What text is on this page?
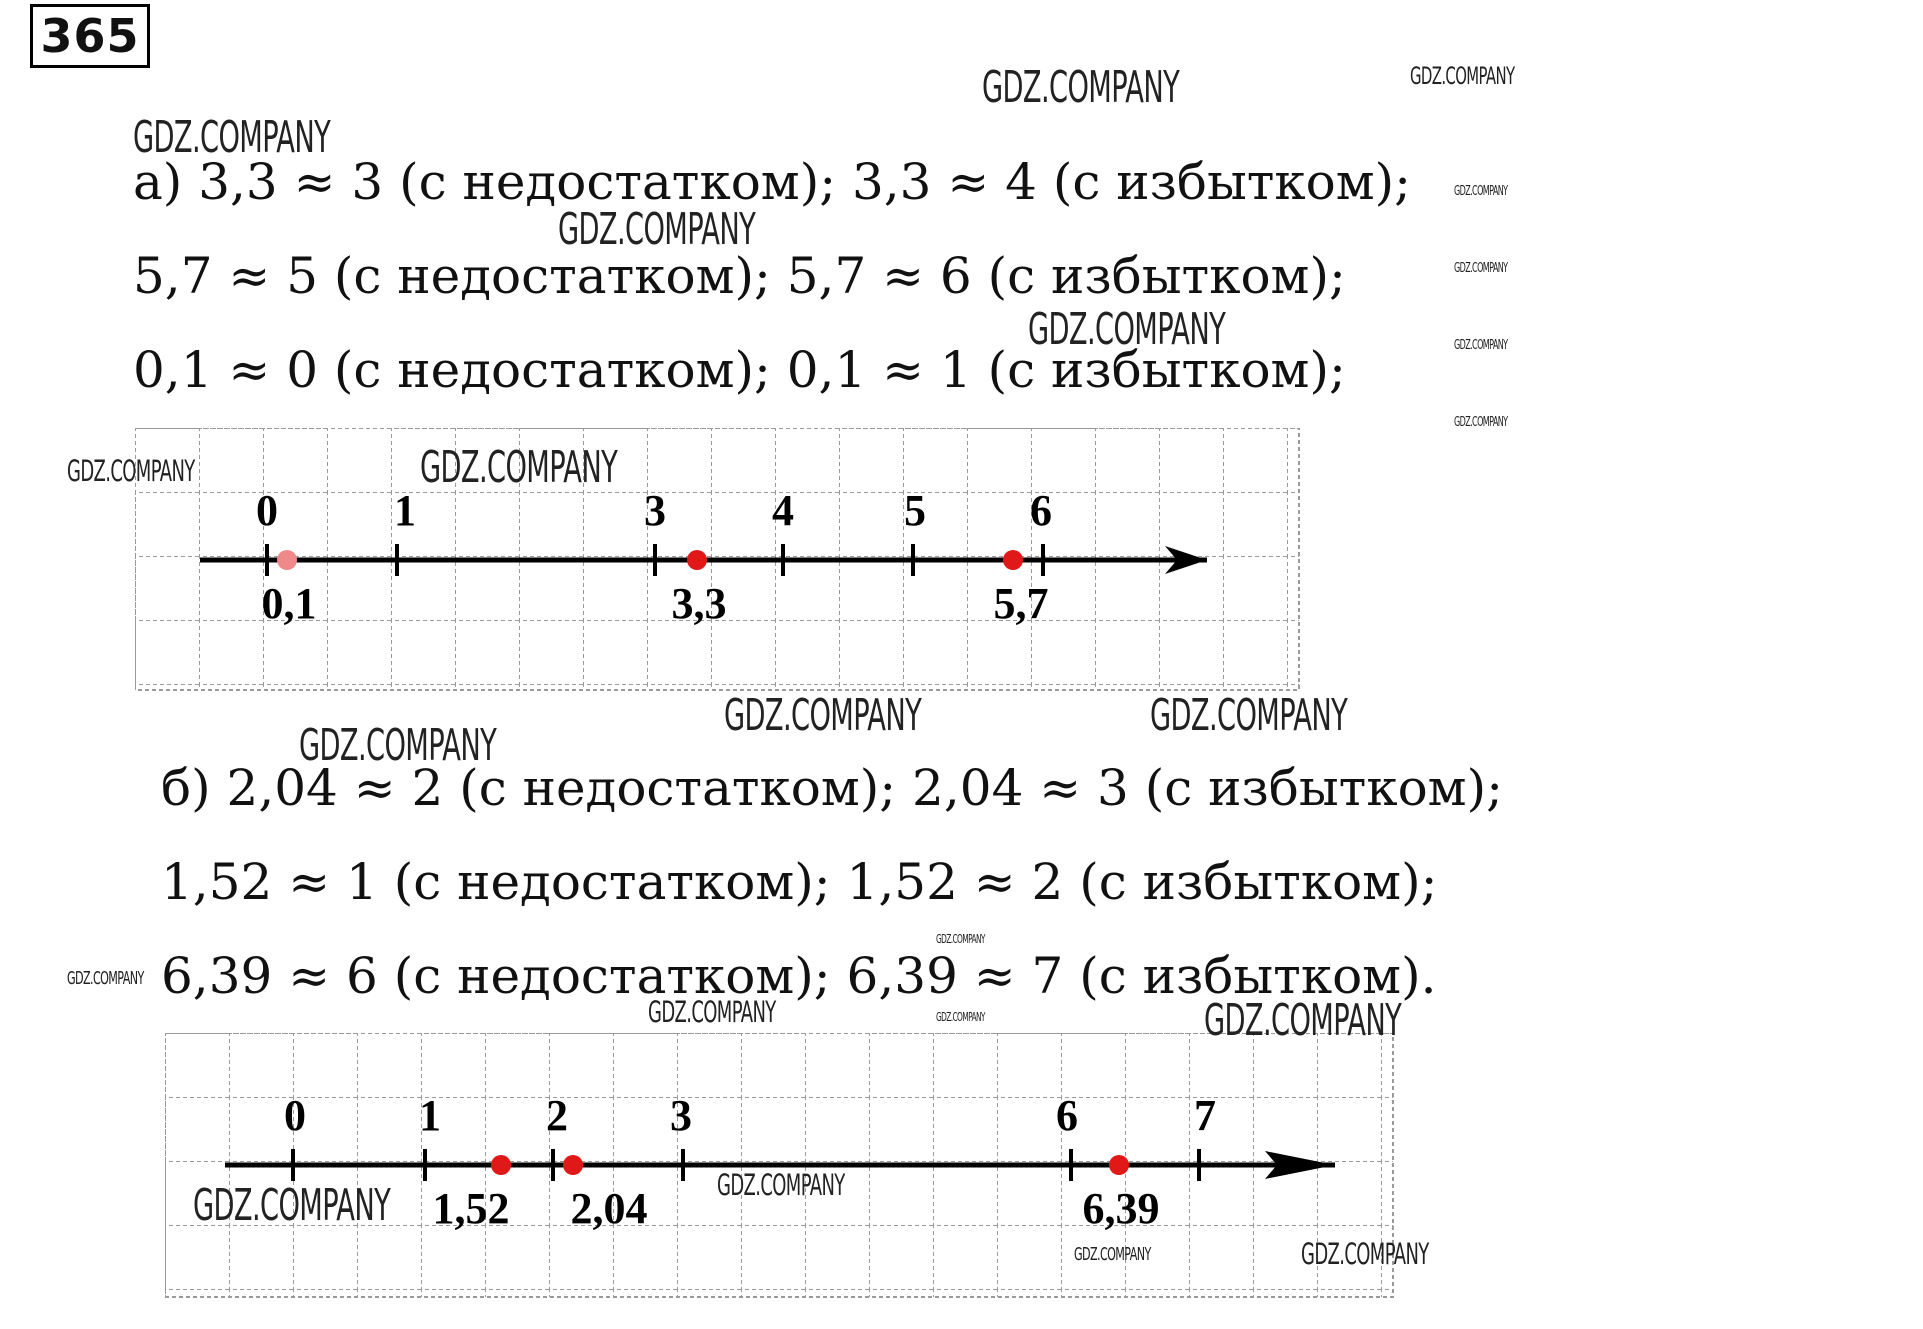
365
а) 3,3 ≈ 3 (с недостатком); 3,3 ≈ 4 (с избытком);
5,7 ≈ 5 (с недостатком); 5,7 ≈ 6 (с избытком);
0,1 ≈ 0 (с недостатком); 0,1 ≈ 1 (с избытком);
0	1	3 4	5 6
0,1	3,3	5,7
б) 2,04 ≈ 2 (с недостатком); 2,04 ≈ 3 (с избытком);
1,52 ≈ 1 (с недостатком); 1,52 ≈ 2 (с избытком);
6,39 ≈ 6 (с недостатком); 6,39 ≈ 7 (с избытком).
0	1 2 3	6	7
1,52 2,04	6,39
GDZ.COMPANY	GDZ.COMPANY
GDZ.COMPANY
GDZ.COMPANY
GDZ.COMPANY
GDZ.COMPANY
GDZ.COMPANY	GDZ.COMPANY
GDZ.COMPANY
GDZ.COMPANY	GDZ.COMPANY
GDZ.COMPANY	GDZ.COMPANY
GDZ.COMPANY
GDZ.COMPANY
GDZ.COMPANY
GDZ.COMPANY	GDZ.COMPANY	GDZ.COMPANY
GDZ.COMPANY
GDZ.COMPANY
GDZ.COMPANY	GDZ.COMPANY
